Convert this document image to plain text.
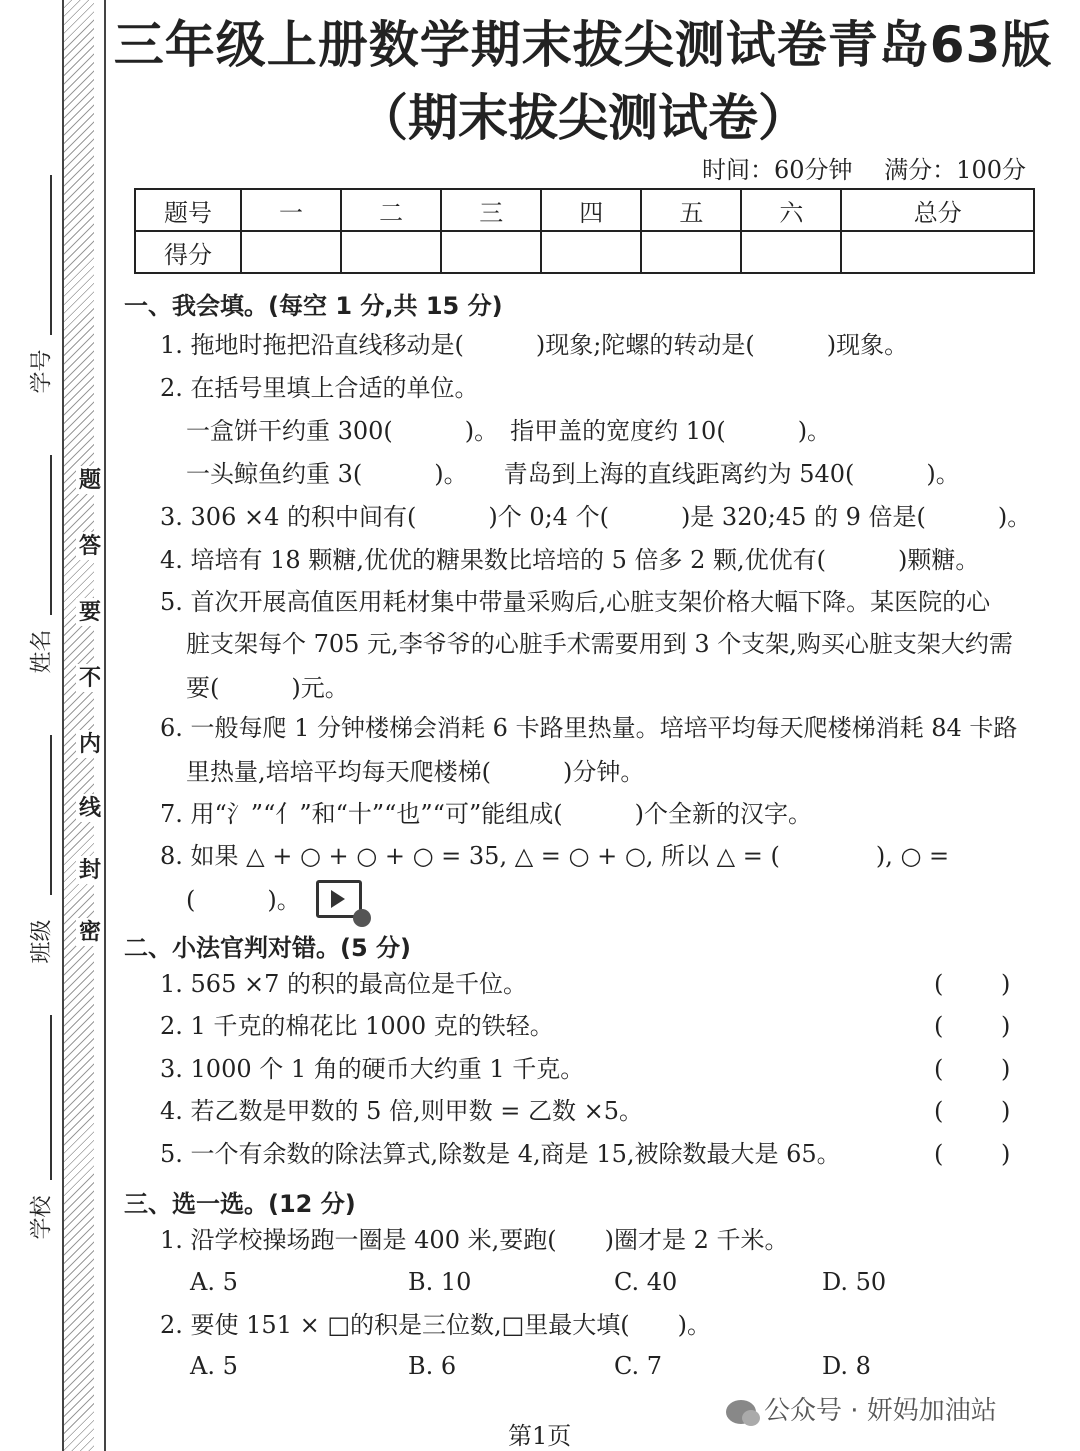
学号
姓名
班级
学校
题
答
要
不
内
线
封
密
三年级上册数学期末拔尖测试卷青岛63版
（期末拔尖测试卷）
时间：60分钟 满分：100分
题号	一	二	三	四	五	六	总分
得分							
一、我会填。(每空 1 分,共 15 分)
1. 拖地时拖把沿直线移动是(　　　)现象;陀螺的转动是(　　　)现象。
2. 在括号里填上合适的单位。
一盒饼干约重 300(　　　)。　指甲盖的宽度约 10(　　　)。
一头鲸鱼约重 3(　　　)。　　青岛到上海的直线距离约为 540(　　　)。
3. 306 ×4 的积中间有(　　　)个 0;4 个(　　　)是 320;45 的 9 倍是(　　　)。
4. 培培有 18 颗糖,优优的糖果数比培培的 5 倍多 2 颗,优优有(　　　)颗糖。
5. 首次开展高值医用耗材集中带量采购后,心脏支架价格大幅下降。某医院的心
脏支架每个 705 元,李爷爷的心脏手术需要用到 3 个支架,购买心脏支架大约需
要(　　　)元。
6. 一般每爬 1 分钟楼梯会消耗 6 卡路里热量。培培平均每天爬楼梯消耗 84 卡路
里热量,培培平均每天爬楼梯(　　　)分钟。
7. 用“氵”“亻”和“十”“也”“可”能组成(　　　)个全新的汉字。
8. 如果 △ + ○ + ○ + ○ = 35, △ = ○ + ○, 所以 △ = (　　　　), ○ =
(　　　)。
二、小法官判对错。(5 分)
1. 565 ×7 的积的最高位是千位。	( )
2. 1 千克的棉花比 1000 克的铁轻。	( )
3. 1000 个 1 角的硬币大约重 1 千克。	( )
4. 若乙数是甲数的 5 倍,则甲数 = 乙数 ×5。	( )
5. 一个有余数的除法算式,除数是 4,商是 15,被除数最大是 65。	( )
三、选一选。(12 分)
1. 沿学校操场跑一圈是 400 米,要跑(　　)圈才是 2 千米。
A. 5	B. 10	C. 40	D. 50
2. 要使 151 × □的积是三位数,□里最大填(　　)。
A. 5	B. 6	C. 7	D. 8
公众号 · 妍妈加油站
第1页
